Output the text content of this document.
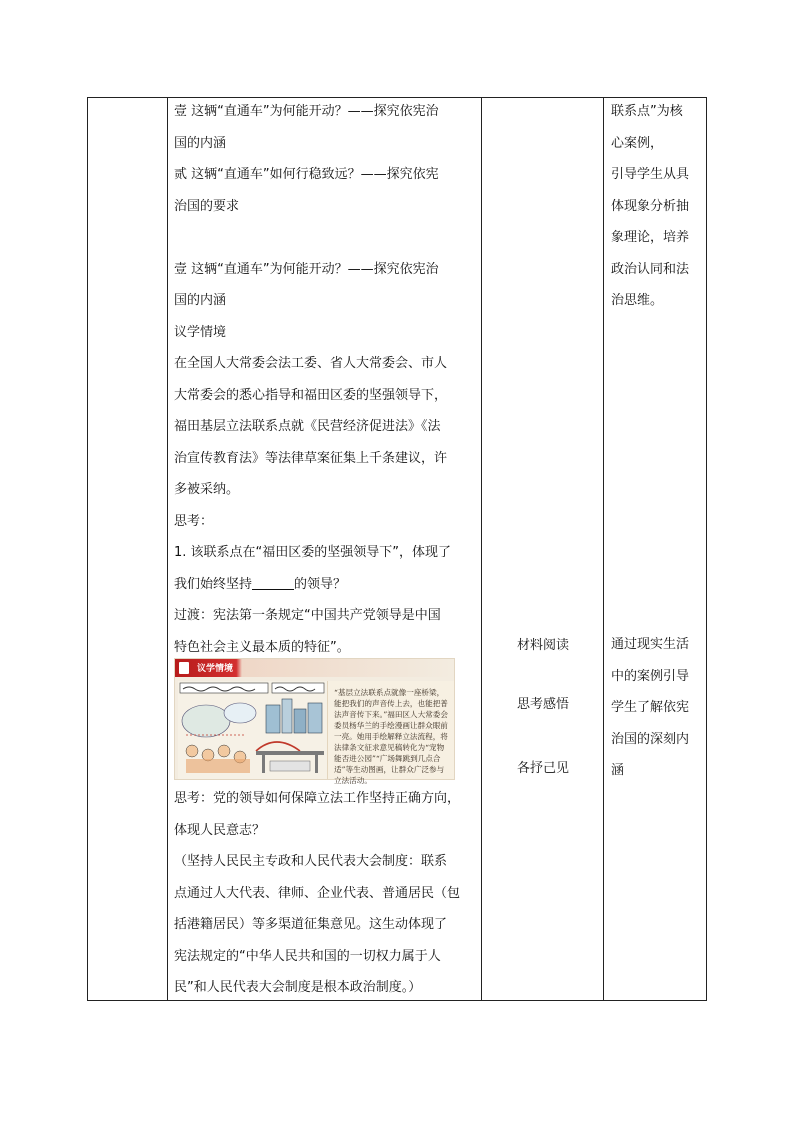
壹 这辆“直通车”为何能开动？——探究依宪治
国的内涵
贰 这辆“直通车”如何行稳致远？——探究依宪
治国的要求
壹 这辆“直通车”为何能开动？——探究依宪治
国的内涵
议学情境
在全国人大常委会法工委、省人大常委会、市人
大常委会的悉心指导和福田区委的坚强领导下，
福田基层立法联系点就《民营经济促进法》《法
治宣传教育法》等法律草案征集上千条建议，许
多被采纳。
思考：
1. 该联系点在“福田区委的坚强领导下”，体现了
我们始终坚持	的领导？
过渡：宪法第一条规定“中国共产党领导是中国
特色社会主义最本质的特征”。
议学情境
“基层立法联系点就像一座桥梁，能把我们的声音传上去，也能把普法声音传下来。”福田区人大常委会委员杨华兰的手绘漫画让群众眼前一亮。她用手绘解释立法流程，将法律条文征求意见稿转化为“宠物能否进公园”“广场舞跳到几点合适”等生动图画，让群众广泛参与立法活动。
思考：党的领导如何保障立法工作坚持正确方向，
体现人民意志？
（坚持人民民主专政和人民代表大会制度：联系
点通过人大代表、律师、企业代表、普通居民（包
括港籍居民）等多渠道征集意见。这生动体现了
宪法规定的“中华人民共和国的一切权力属于人
民”和人民代表大会制度是根本政治制度。）
材料阅读
思考感悟
各抒己见
联系点”为核
心案例，
引导学生从具
体现象分析抽
象理论，培养
政治认同和法
治思维。
通过现实生活
中的案例引导
学生了解依宪
治国的深刻内
涵
